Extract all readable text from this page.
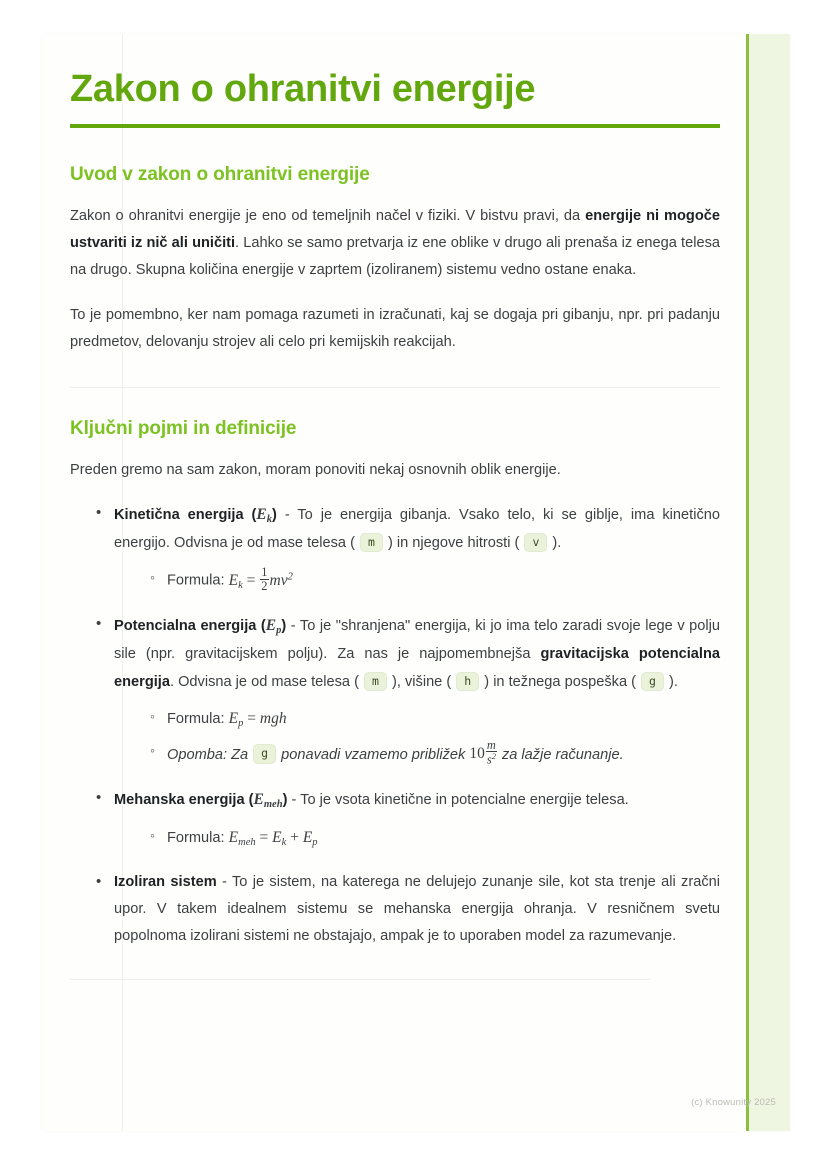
Zakon o ohranitvi energije
Uvod v zakon o ohranitvi energije

Zakon o ohranitvi energije je eno od temeljnih načel v fiziki. V bistvu pravi, da energije ni mogoče ustvariti iz nič ali uničiti. Lahko se samo pretvarja iz ene oblike v drugo ali prenaša iz enega telesa na drugo. Skupna količina energije v zaprtem (izoliranem) sistemu vedno ostane enaka.

To je pomembno, ker nam pomaga razumeti in izračunati, kaj se dogaja pri gibanju, npr. pri padanju predmetov, delovanju strojev ali celo pri kemijskih reakcijah.

Ključni pojmi in definicije

Preden gremo na sam zakon, moram ponoviti nekaj osnovnih oblik energije.

• Kinetična energija $(E_k)$ - To je energija gibanja. Vsako telo, ki se giblje, ima kinetično energijo. Odvisna je od mase telesa ( m ) in njegove hitrosti ( v ).
◦ Formula: $E_k = \frac{1}{2} mv^2$
• Potencialna energija $(E_p)$ - To je "shranjena" energija, ki jo ima telo zaradi svoje lege v polju sile (npr. gravitacijskem polju). Za nas je najpomembnejša gravitacijska potencialna energija. Odvisna je od mase telesa ( m ), višine ( h ) in težnega pospeška ( g ).
◦ Formula: $E_p$ = mgh
◦ Opomba: Za g ponavadi vzamemo približek $10 \frac{m}{s^2}$ za lažje računanje.
• Mehanska energija $(E_{meh})$ - To je vsota kinetične in potencialne energije telesa.
◦ Formula: $E_{meh} = E_k + E_p$
• Izoliran sistem - To je sistem, na katerega ne delujejo zunanje sile, kot sta trenje ali zračni upor. V takem idealnem sistemu se mehanska energija ohranja. V resničnem svetu popolnoma izolirani sistemi ne obstajajo, ampak je to uporaben model za razumevanje.
(c) Knowunity 2025
